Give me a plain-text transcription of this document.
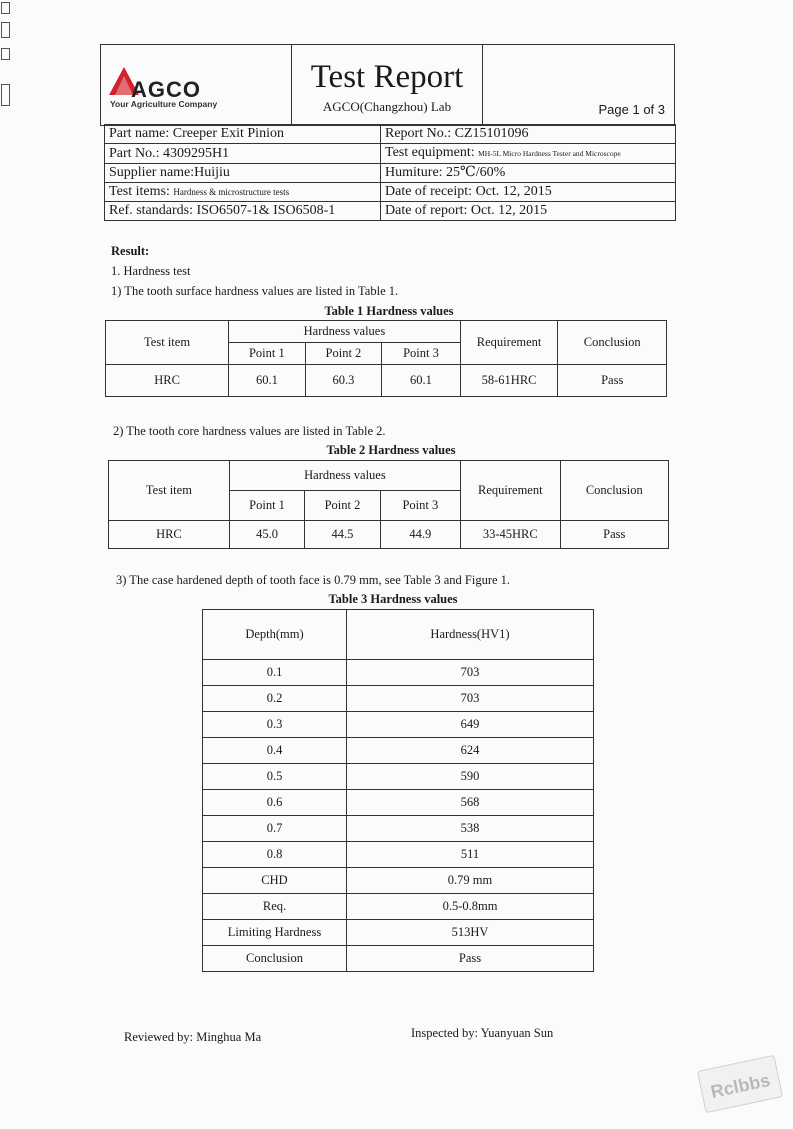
AGCO
Your Agriculture Company
Test Report
AGCO(Changzhou) Lab	Page 1 of 3
Part name: Creeper Exit Pinion	Report No.: CZ15101096
Part No.: 4309295H1	Test equipment: MH-5L Micro Hardness Tester and Microscope
Supplier name:Huijiu	Humiture: 25℃/60%
Test items: Hardness & microstructure tests	Date of receipt: Oct. 12, 2015
Ref. standards: ISO6507-1& ISO6508-1	Date of report: Oct. 12, 2015
Result:
1. Hardness test
1) The tooth surface hardness values are listed in Table 1.
Table 1 Hardness values
Test item	Hardness values			Requirement	Conclusion
	Point 1	Point 2	Point 3		
HRC	60.1	60.3	60.1	58-61HRC	Pass
2) The tooth core hardness values are listed in Table 2.
Table 2 Hardness values
Test item	Hardness values			Requirement	Conclusion
	Point 1	Point 2	Point 3		
HRC	45.0	44.5	44.9	33-45HRC	Pass
3) The case hardened depth of tooth face is 0.79 mm, see Table 3 and Figure 1.
Table 3 Hardness values
Depth(mm)	Hardness(HV1)
0.1	703
0.2	703
0.3	649
0.4	624
0.5	590
0.6	568
0.7	538
0.8	511
CHD	0.79 mm
Req.	0.5-0.8mm
Limiting Hardness	513HV
Conclusion	Pass
Reviewed by: Minghua Ma	Inspected by: Yuanyuan Sun
Rclbbs
